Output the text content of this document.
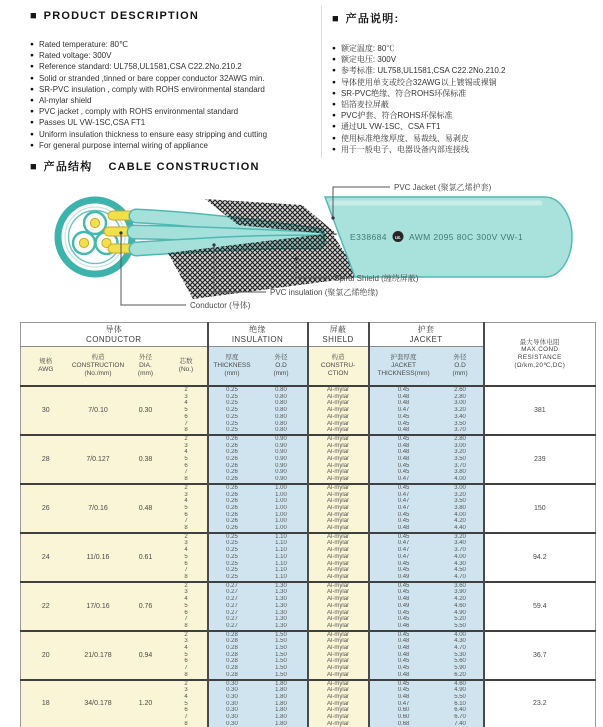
■ PRODUCT DESCRIPTION
● Rated temperature: 80℃
● Rated voltage: 300V
● Reference standard: UL758,UL1581,CSA C22.2No.210.2
● Solid or stranded ,tinned or bare copper conductor 32AWG min.
● SR-PVC insulation , comply with ROHS environmental standard
● Al-mylar shield
● PVC jacket , comply with ROHS environmental standard
● Passes UL VW-1SC,CSA FT1
● Uniform insulation thickness to ensure easy stripping and cutting
● For general purpose internal wiring of appliance
■ 产品说明:
● 额定温度: 80℃
● 额定电压: 300V
● 参考标准: UL758,UL1581,CSA C22.2No.210.2
● 导体使用单支或绞合32AWG以上镀锡或裸铜
● SR-PVC绝缘、符合ROHS环保标准
● 铝箔麦拉屏蔽
● PVC护套、符合ROHS环保标准
● 通过UL VW-1SC、CSA FT1
● 使用标准绝缘厚度、易裁线、易剥皮
● 用于一般电子、电器设备内部连接线
■ 产品结构 CABLE CONSTRUCTION
E338684 UL AWM 2095 80C 300V VW-1
PVC Jacket (聚氯乙烯护套)
Spiral Shield (缠绕屏蔽)
PVC insulation (聚氯乙烯绝缘)
Conductor (导体)
导体
CONDUCTOR

绝缘
INSULATION

屏蔽
SHIELD

护套
JACKET	最大导体电阻
MAX.COND
RESISTANCE
(Ω/km,20℃,DC)

规格
AWG

构造
CONSTRUCTION
(No./mm)

外径
DIA.
(mm)

芯数
(No.)

厚度
THICKNESS
(mm)

外径
O.D
(mm)

构造
CONSTRU-
CTION

护套厚度
JACKET
THICKNESS(mm)

外径
O.D
(mm)

30	7/0.10	0.30	2	0.25	0.80	Al-mylar	0.45	2.60	381
			3	0.25	0.80	Al-mylar	0.48	2.80	
			4	0.25	0.80	Al-mylar	0.48	3.00	
			5	0.25	0.80	Al-mylar	0.47	3.20	
			6	0.25	0.80	Al-mylar	0.45	3.40	
			7	0.25	0.80	Al-mylar	0.45	3.50	
			8	0.25	0.80	Al-mylar	0.48	3.70	
28	7/0.127	0.38	2	0.26	0.90	Al-mylar	0.45	2.80	239
			3	0.26	0.90	Al-mylar	0.48	3.00	
			4	0.26	0.90	Al-mylar	0.48	3.20	
			5	0.26	0.90	Al-mylar	0.48	3.50	
			6	0.26	0.90	Al-mylar	0.45	3.70	
			7	0.26	0.90	Al-mylar	0.45	3.80	
			8	0.26	0.90	Al-mylar	0.47	4.00	
26	7/0.16	0.48	2	0.26	1.00	Al-mylar	0.45	3.00	150
			3	0.26	1.00	Al-mylar	0.47	3.20	
			4	0.26	1.00	Al-mylar	0.47	3.50	
			5	0.26	1.00	Al-mylar	0.47	3.80	
			6	0.26	1.00	Al-mylar	0.45	4.00	
			7	0.26	1.00	Al-mylar	0.45	4.20	
			8	0.26	1.00	Al-mylar	0.48	4.40	
24	11/0.16	0.61	2	0.25	1.10	Al-mylar	0.45	3.20	94.2
			3	0.25	1.10	Al-mylar	0.47	3.40	
			4	0.25	1.10	Al-mylar	0.47	3.70	
			5	0.25	1.10	Al-mylar	0.47	4.00	
			6	0.25	1.10	Al-mylar	0.45	4.30	
			7	0.25	1.10	Al-mylar	0.45	4.50	
			8	0.25	1.10	Al-mylar	0.49	4.70	
22	17/0.16	0.76	2	0.27	1.30	Al-mylar	0.45	3.60	59.4
			3	0.27	1.30	Al-mylar	0.45	3.90	
			4	0.27	1.30	Al-mylar	0.48	4.20	
			5	0.27	1.30	Al-mylar	0.49	4.60	
			6	0.27	1.30	Al-mylar	0.45	4.90	
			7	0.27	1.30	Al-mylar	0.45	5.20	
			8	0.27	1.30	Al-mylar	0.46	5.50	
20	21/0.178	0.94	2	0.28	1.50	Al-mylar	0.45	4.00	36.7
			3	0.28	1.50	Al-mylar	0.48	4.30	
			4	0.28	1.50	Al-mylar	0.48	4.70	
			5	0.28	1.50	Al-mylar	0.48	5.30	
			6	0.28	1.50	Al-mylar	0.45	5.60	
			7	0.28	1.50	Al-mylar	0.45	5.90	
			8	0.28	1.50	Al-mylar	0.48	6.20	
18	34/0.178	1.20	2	0.30	1.80	Al-mylar	0.45	4.60	23.2
			3	0.30	1.80	Al-mylar	0.45	4.90	
			4	0.30	1.80	Al-mylar	0.48	5.50	
			5	0.30	1.80	Al-mylar	0.47	6.10	
			6	0.30	1.80	Al-mylar	0.60	6.40	
			7	0.30	1.80	Al-mylar	0.60	6.70	
			8	0.30	1.80	Al-mylar	0.68	7.40	
